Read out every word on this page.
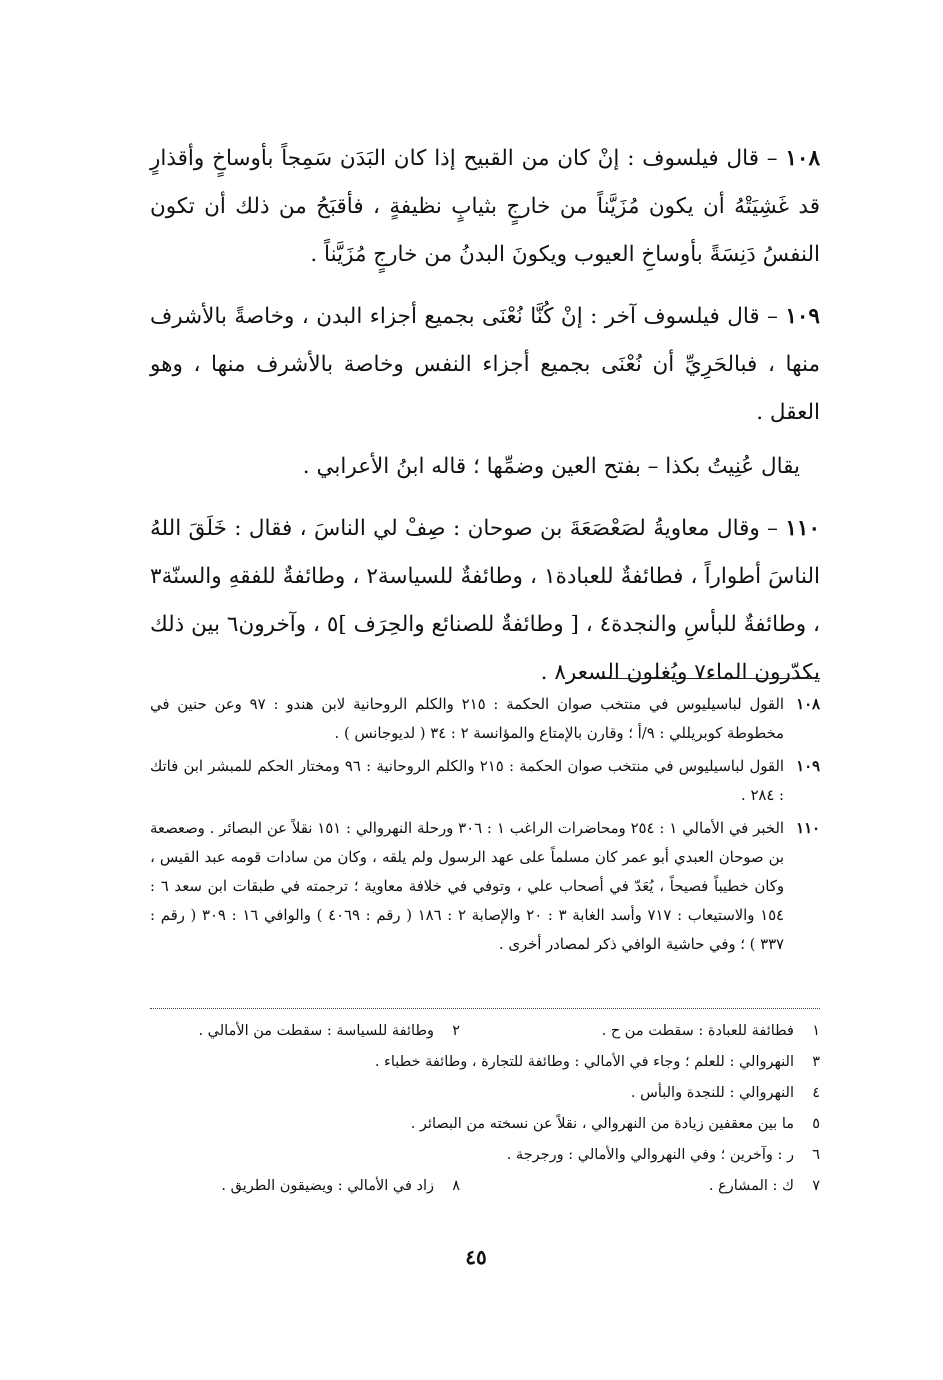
١٠٨ – قال فيلسوف : إنْ كان من القبيح إذا كان البَدَن سَمِجاً بأوساخٍ وأقذارٍ قد غَشِيَتْهُ أن يكون مُزَيَّناً من خارجٍ بثيابٍ نظيفةٍ ، فأقبَحُ من ذلك أن تكون النفسُ دَنِسَةً بأوساخِ العيوب ويكونَ البدنُ من خارجٍ مُزَيَّناً .

١٠٩ – قال فيلسوف آخر : إنْ كُنَّا نُعْنَى بجميع أجزاء البدن ، وخاصةً بالأشرف منها ، فبالحَرِيِّ أن نُعْنَى بجميع أجزاء النفس وخاصة بالأشرف منها ، وهو العقل .

يقال عُنِيتُ بكذا – بفتح العين وضمِّها ؛ قاله ابنُ الأعرابي .

١١٠ – وقال معاويةُ لصَعْصَعَةَ بن صوحان : صِفْ لي الناسَ ، فقال : خَلَقَ اللهُ الناسَ أطواراً ، فطائفةٌ للعبادة١ ، وطائفةٌ للسياسة٢ ، وطائفةٌ للفقهِ والسنّة٣ ، وطائفةٌ للبأسِ والنجدة٤ ، [ وطائفةٌ للصنائع والحِرَف ]٥ ، وآخرون٦ بين ذلك يكدّرون الماء٧ ويُغلون السعر٨ .

١٠٨
القول لباسيليوس في منتخب صوان الحكمة : ٢١٥ والكلم الروحانية لابن هندو : ٩٧ وعن حنين في مخطوطة كوبريللي : ٩/أ ؛ وقارن بالإمتاع والمؤانسة ٢ : ٣٤ ( لديوجانس ) .
١٠٩
القول لباسيليوس في منتخب صوان الحكمة : ٢١٥ والكلم الروحانية : ٩٦ ومختار الحكم للمبشر ابن فاتك : ٢٨٤ .
١١٠
الخبر في الأمالي ١ : ٢٥٤ ومحاضرات الراغب ١ : ٣٠٦ ورحلة النهروالي : ١٥١ نقلاً عن البصائر . وصعصعة بن صوحان العبدي أبو عمر كان مسلماً على عهد الرسول ولم يلقه ، وكان من سادات قومه عبد القيس ، وكان خطيباً فصيحاً ، يُعَدّ في أصحاب علي ، وتوفي في خلافة معاوية ؛ ترجمته في طبقات ابن سعد ٦ : ١٥٤ والاستيعاب : ٧١٧ وأسد الغابة ٣ : ٢٠ والإصابة ٢ : ١٨٦ ( رقم : ٤٠٦٩ ) والوافي ١٦ : ٣٠٩ ( رقم : ٣٣٧ ) ؛ وفي حاشية الوافي ذكر لمصادر أخرى .
١
فطائفة للعبادة : سقطت من ح .
٢
وطائفة للسياسة : سقطت من الأمالي .
٣
النهروالي : للعلم ؛ وجاء في الأمالي : وطائفة للتجارة ، وطائفة خطباء .
٤
النهروالي : للنجدة والبأس .
٥
ما بين معقفين زيادة من النهروالي ، نقلاً عن نسخته من البصائر .
٦
ر : وآخرين ؛ وفي النهروالي والأمالي : ورجرجة .
٧
ك : المشارع .
٨
زاد في الأمالي : ويضيقون الطريق .
٤٥
